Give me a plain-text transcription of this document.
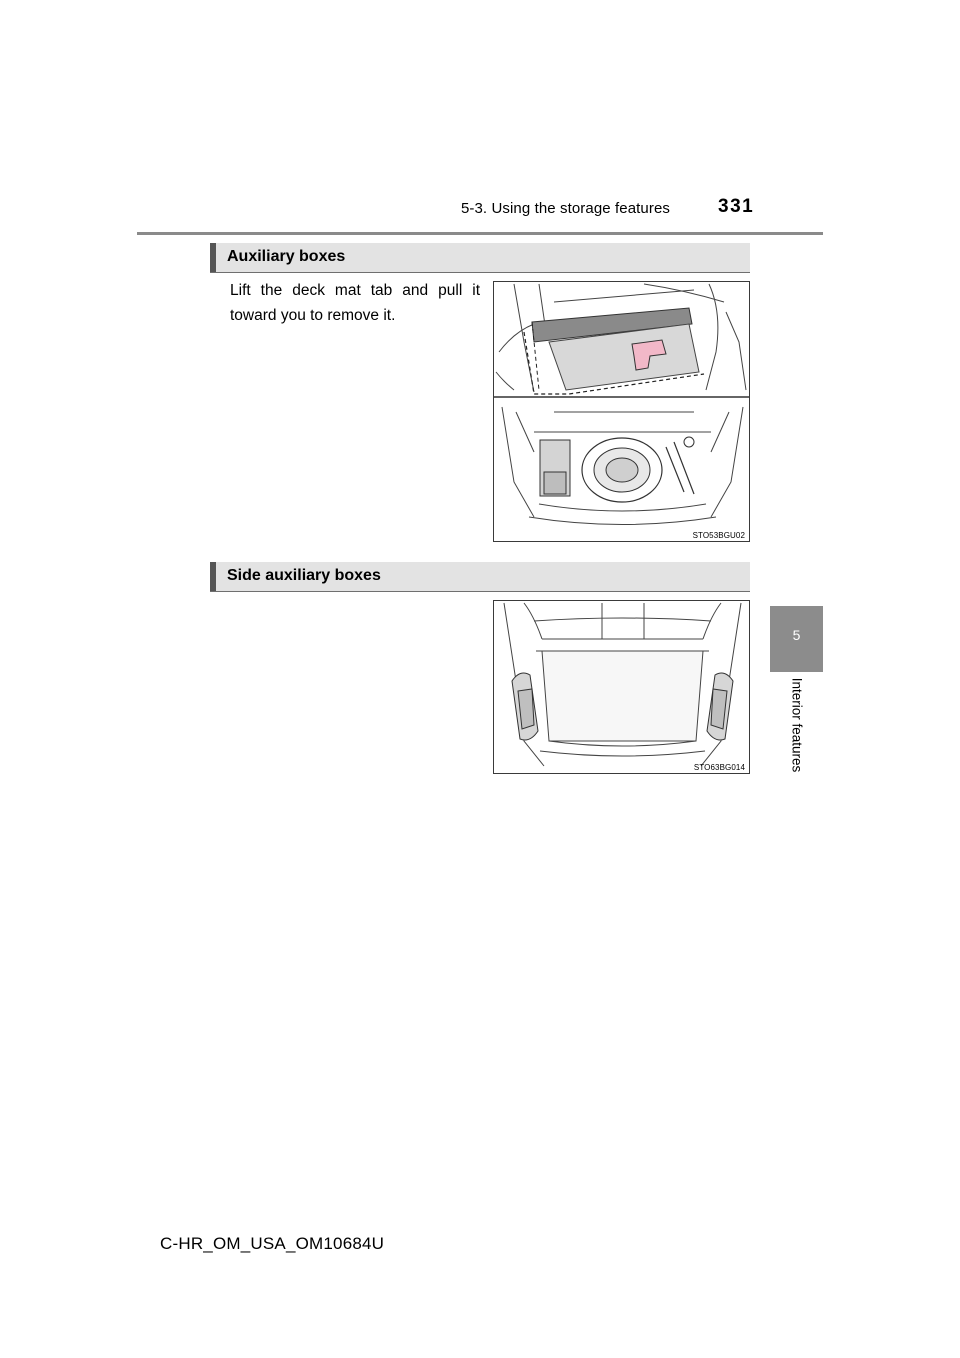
5-3. Using the storage features	331
5
Interior features
Auxiliary boxes
Lift the deck mat tab and pull it toward you to remove it.
STO53BGU02
Side auxiliary boxes
STO63BG014
C-HR_OM_USA_OM10684U
